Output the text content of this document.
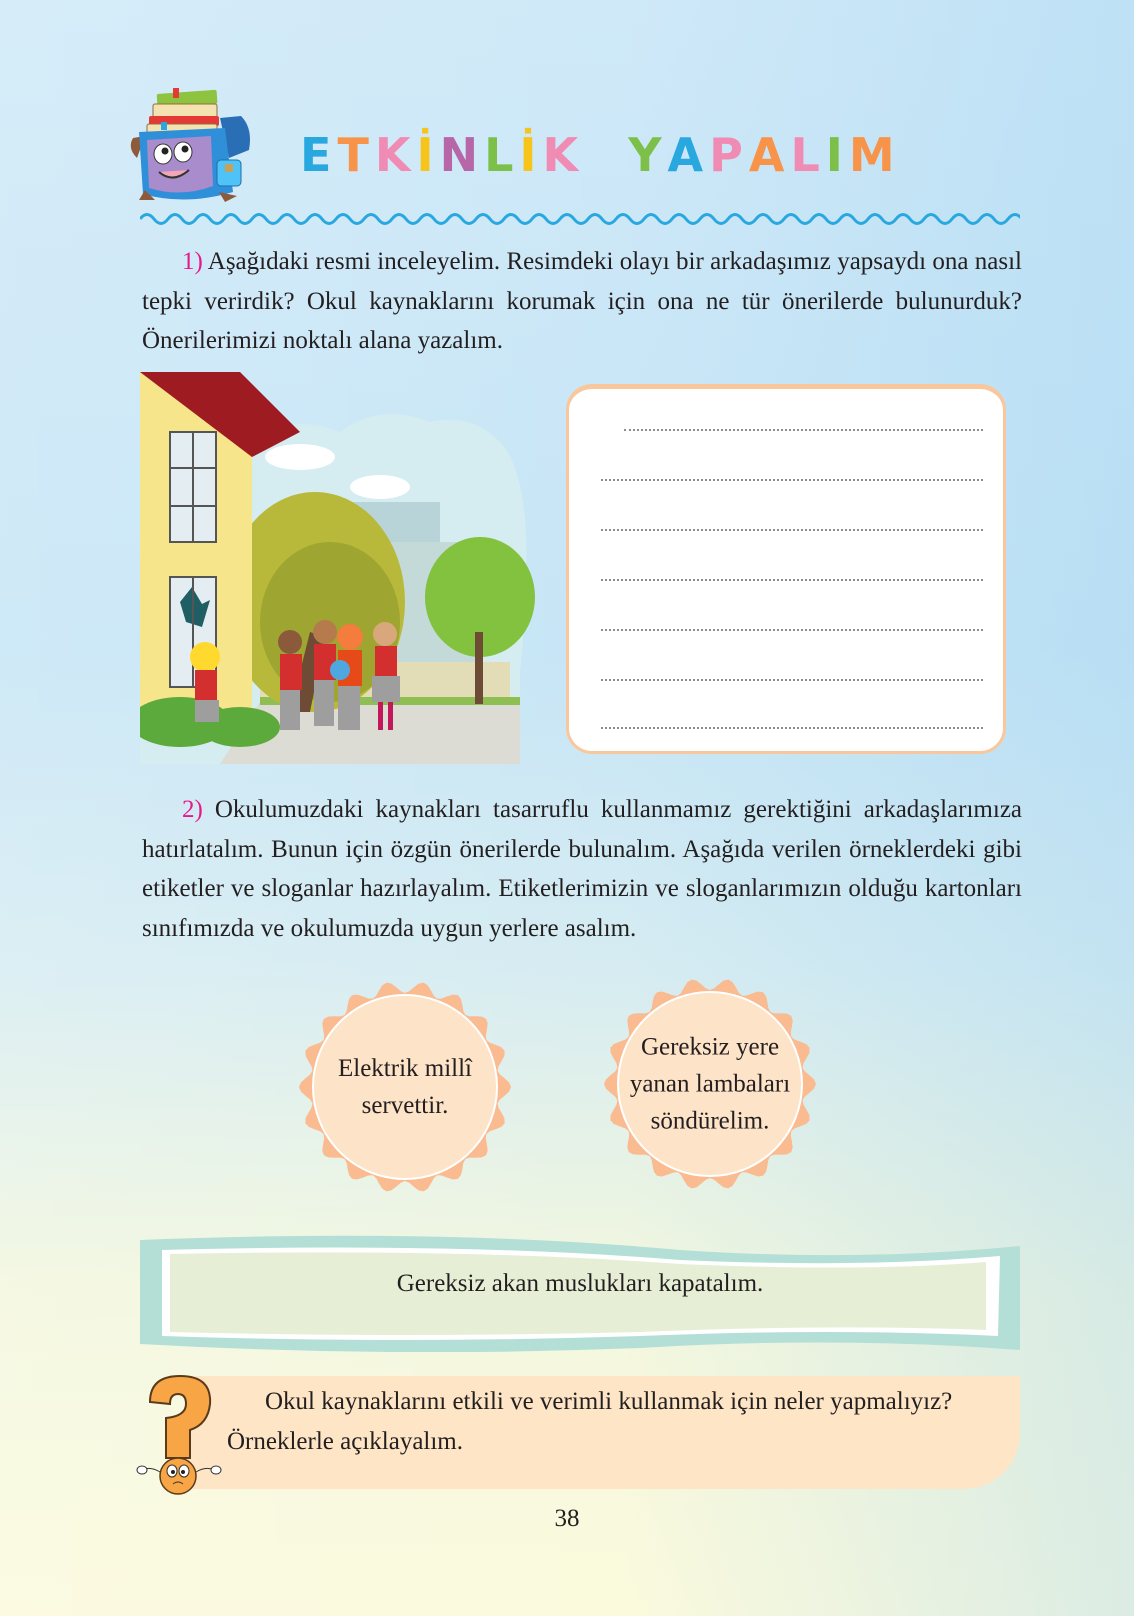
ETKİNLİK YAPALIM

1) Aşağıdaki resmi inceleyelim. Resimdeki olayı bir arkadaşımız yapsaydı ona nasıl tepki verirdik? Okul kaynaklarını korumak için ona ne tür önerilerde bulunurduk? Önerilerimizi noktalı alana yazalım.

2) Okulumuzdaki kaynakları tasarruflu kullanmamız gerektiğini arkadaşlarımıza hatırlatalım. Bunun için özgün önerilerde bulunalım. Aşağıda verilen örneklerdeki gibi etiketler ve sloganlar hazırlayalım. Etiketlerimizin ve sloganlarımızın olduğu kartonları sınıfımızda ve okulumuzda uygun yerlere asalım.

Elektrik millî
servettir.
Gereksiz yere
yanan lambaları
söndürelim.
Gereksiz akan muslukları kapatalım.
Okul kaynaklarını etkili ve verimli kullanmak için neler yapmalıyız?
Örneklerle açıklayalım.
38
